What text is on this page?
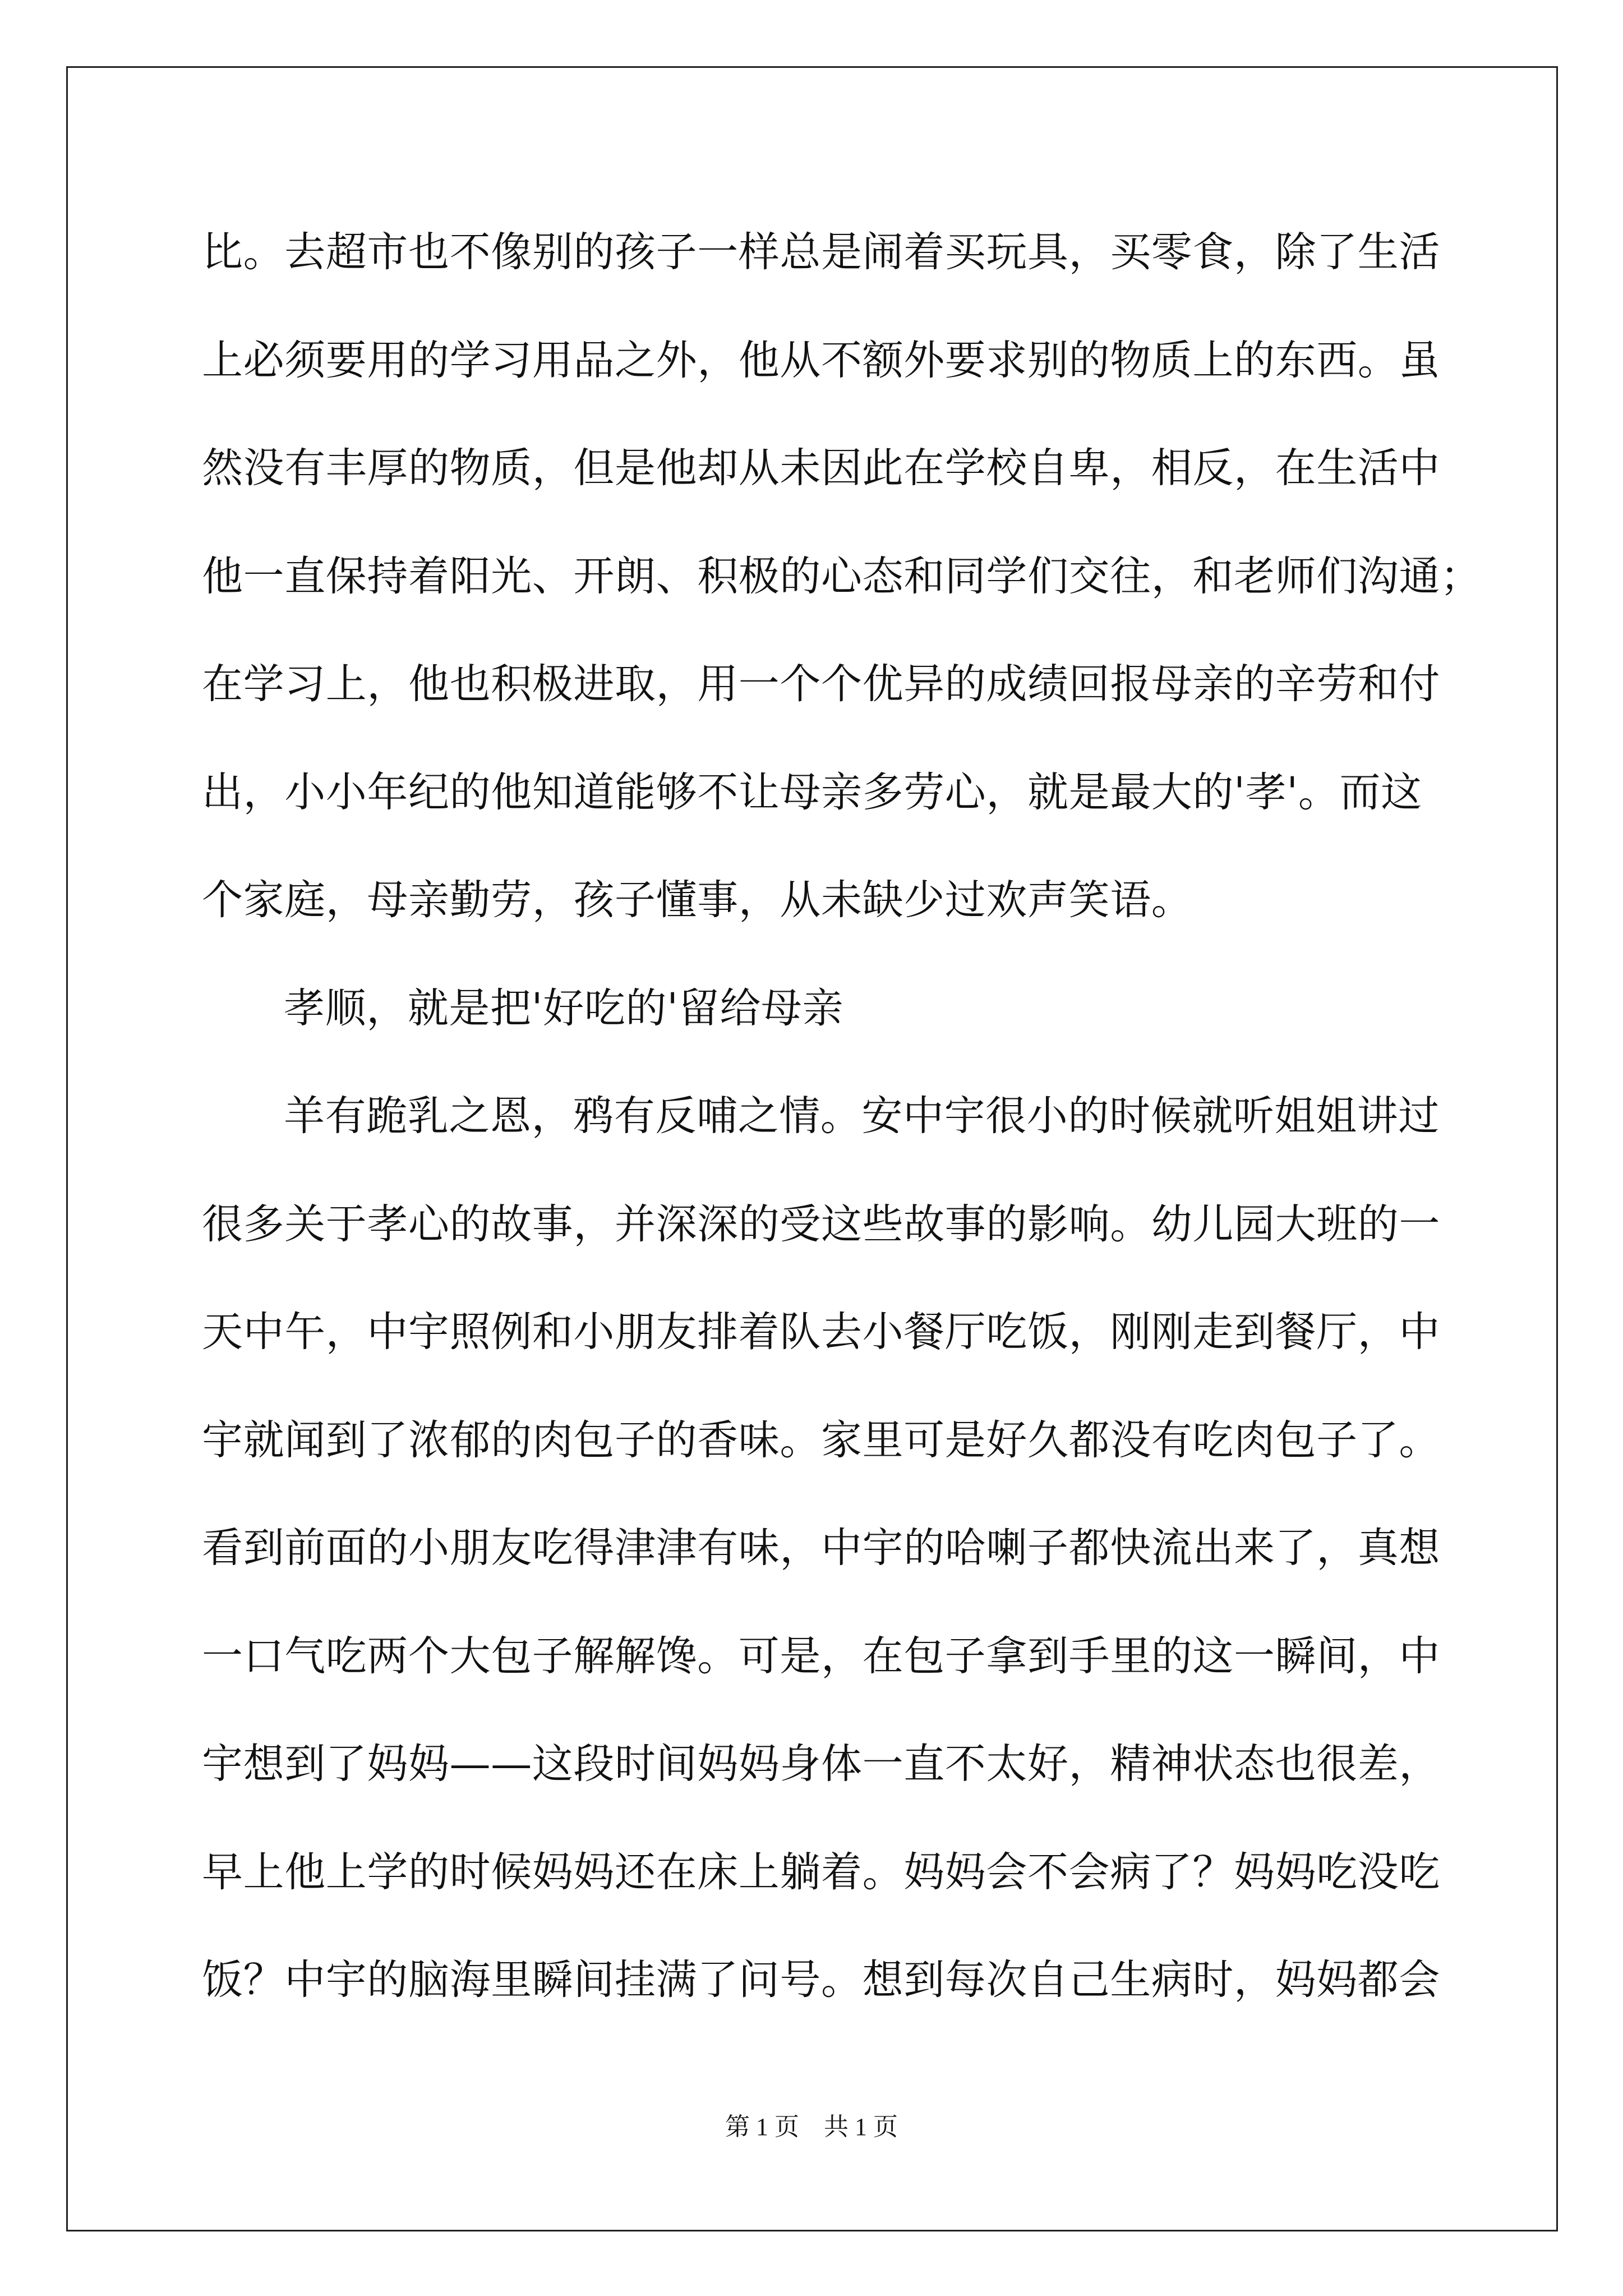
比。去超市也不像别的孩子一样总是闹着买玩具，买零食，除了生活
上必须要用的学习用品之外，他从不额外要求别的物质上的东西。虽
然没有丰厚的物质，但是他却从未因此在学校自卑，相反，在生活中
他一直保持着阳光、开朗、积极的心态和同学们交往，和老师们沟通；
在学习上，他也积极进取，用一个个优异的成绩回报母亲的辛劳和付
出，小小年纪的他知道能够不让母亲多劳心，就是最大的'孝'。而这
个家庭，母亲勤劳，孩子懂事，从未缺少过欢声笑语。
孝顺，就是把'好吃的'留给母亲
羊有跪乳之恩，鸦有反哺之情。安中宇很小的时候就听姐姐讲过
很多关于孝心的故事，并深深的受这些故事的影响。幼儿园大班的一
天中午，中宇照例和小朋友排着队去小餐厅吃饭，刚刚走到餐厅，中
宇就闻到了浓郁的肉包子的香味。家里可是好久都没有吃肉包子了。
看到前面的小朋友吃得津津有味，中宇的哈喇子都快流出来了，真想
一口气吃两个大包子解解馋。可是，在包子拿到手里的这一瞬间，中
宇想到了妈妈——这段时间妈妈身体一直不太好，精神状态也很差，
早上他上学的时候妈妈还在床上躺着。妈妈会不会病了？妈妈吃没吃
饭？中宇的脑海里瞬间挂满了问号。想到每次自己生病时，妈妈都会
第 1 页　共 1 页
